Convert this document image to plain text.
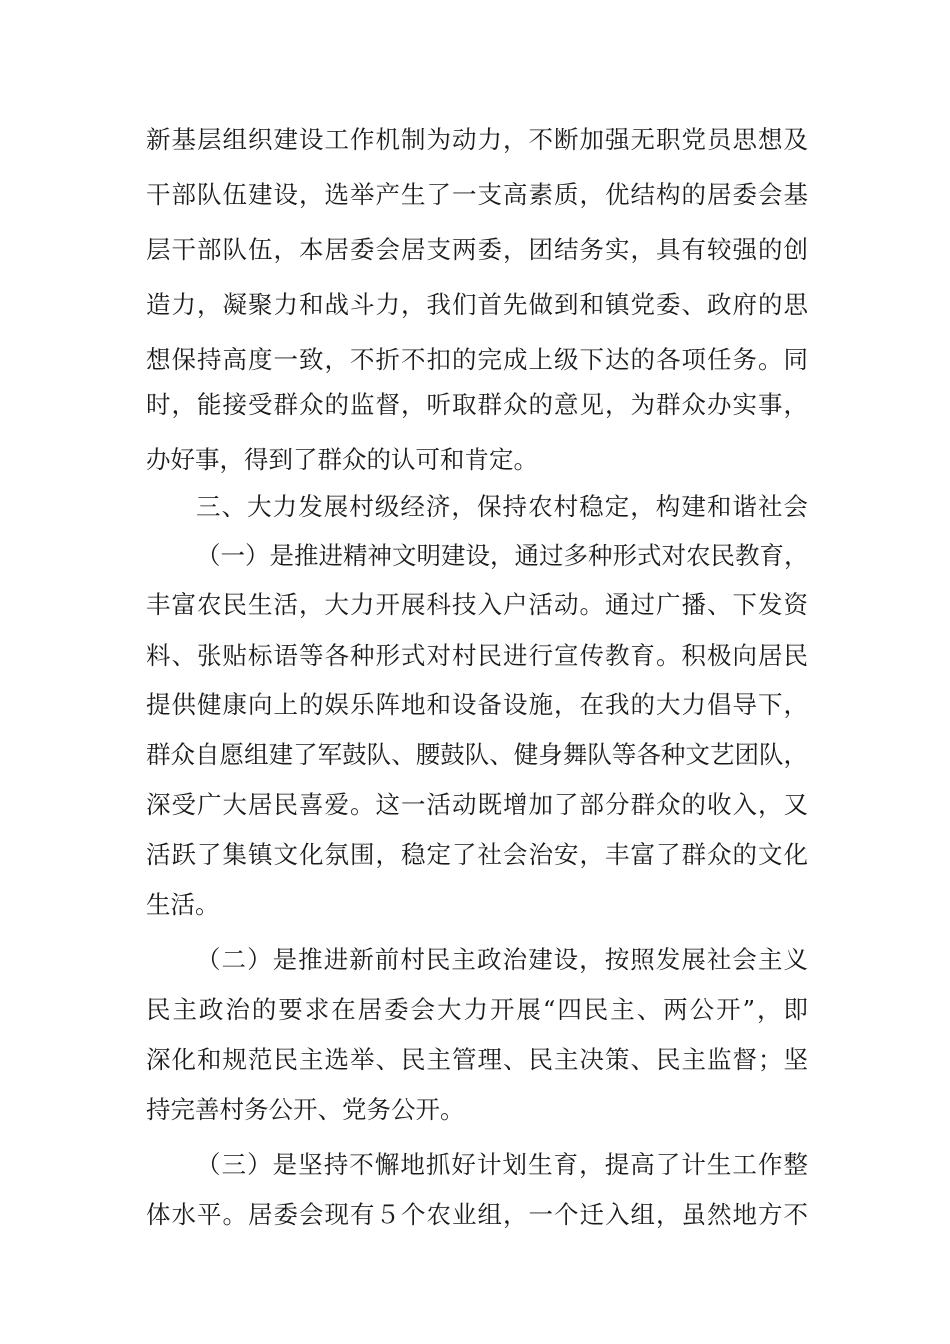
新基层组织建设工作机制为动力，不断加强无职党员思想及
干部队伍建设，选举产生了一支高素质，优结构的居委会基
层干部队伍，本居委会居支两委，团结务实，具有较强的创
造力，凝聚力和战斗力，我们首先做到和镇党委、政府的思
想保持高度一致，不折不扣的完成上级下达的各项任务。同
时，能接受群众的监督，听取群众的意见，为群众办实事，
办好事，得到了群众的认可和肯定。
三、大力发展村级经济，保持农村稳定，构建和谐社会
（一）是推进精神文明建设，通过多种形式对农民教育，
丰富农民生活，大力开展科技入户活动。通过广播、下发资
料、张贴标语等各种形式对村民进行宣传教育。积极向居民
提供健康向上的娱乐阵地和设备设施，在我的大力倡导下，
群众自愿组建了军鼓队、腰鼓队、健身舞队等各种文艺团队，
深受广大居民喜爱。这一活动既增加了部分群众的收入，又
活跃了集镇文化氛围，稳定了社会治安，丰富了群众的文化
生活。
（二）是推进新前村民主政治建设，按照发展社会主义
民主政治的要求在居委会大力开展“四民主、两公开”，即
深化和规范民主选举、民主管理、民主决策、民主监督；坚
持完善村务公开、党务公开。
（三）是坚持不懈地抓好计划生育，提高了计生工作整
体水平。居委会现有５个农业组，一个迁入组，虽然地方不
